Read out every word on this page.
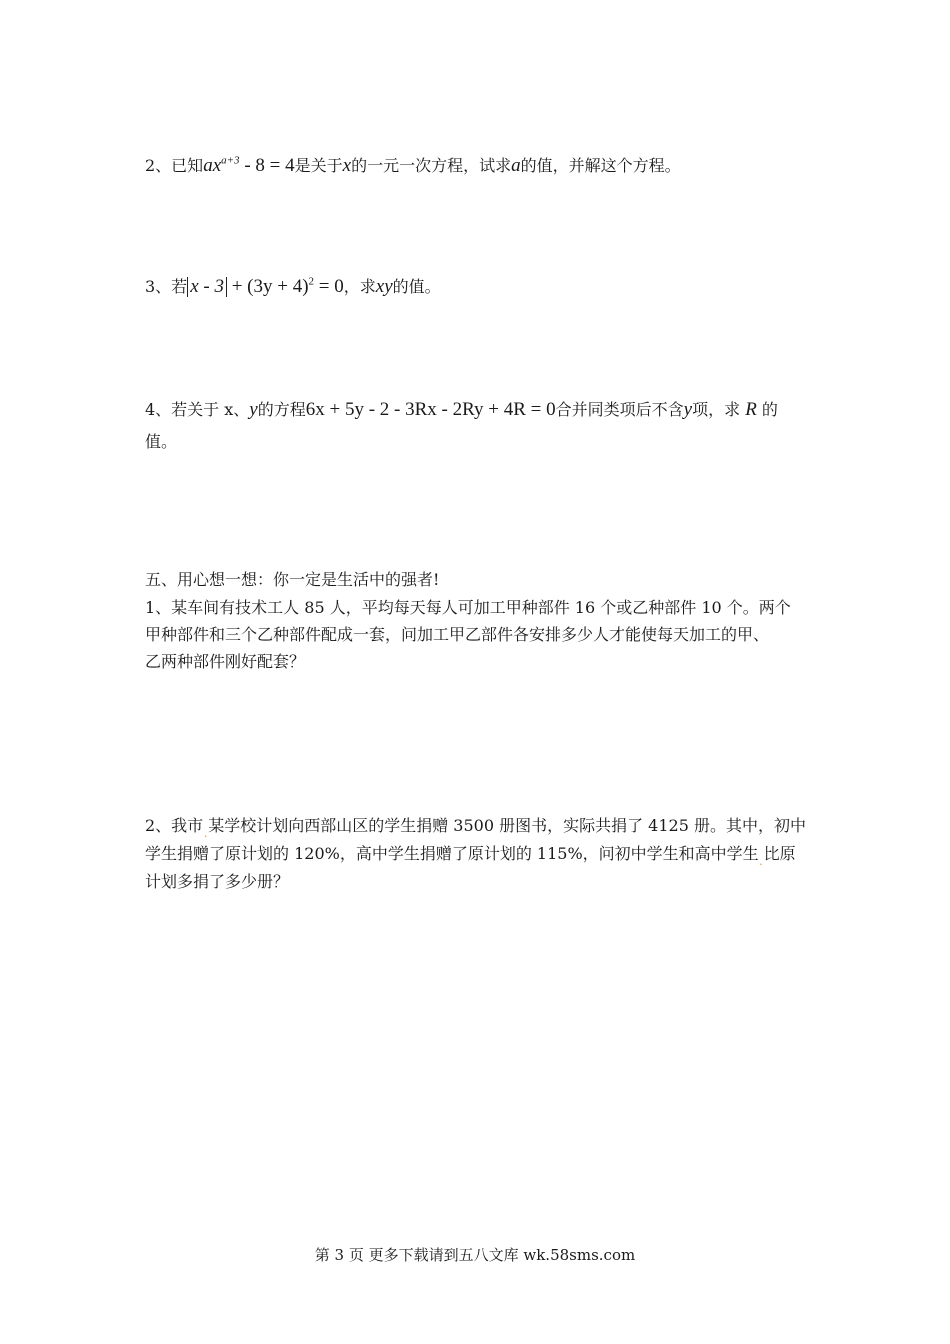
2、已知$ax^{a+3} - 8 = 4$是关于x的一元一次方程，试求a的值，并解这个方程。
3、若 $x - 3 + (3y + 4)^2 = 0$，求xy的值。
4、若关于 x、y的方程6x + 5y - 2 - 3Rx - 2Ry + 4R = 0合并同类项后不含y项，求 R 的
值。
五、用心想一想：你一定是生活中的强者!
1、某车间有技术工人 85 人，平均每天每人可加工甲种部件 16 个或乙种部件 10 个。两个
甲种部件和三个乙种部件配成一套，问加工甲乙部件各安排多少人才能使每天加工的甲、
乙两种部件刚好配套？
2、我市$_˛$某学校计划向西部山区的学生捐赠 3500 册图书，实际共捐了 4125 册。其中，初中
学生捐赠了原计划的 120%，高中学生捐赠了原计划的 115%，问初中学生和高中学生$_˛$比原
计划多捐了多少册？
第 3 页 更多下载请到五八文库 wk.58sms.com
